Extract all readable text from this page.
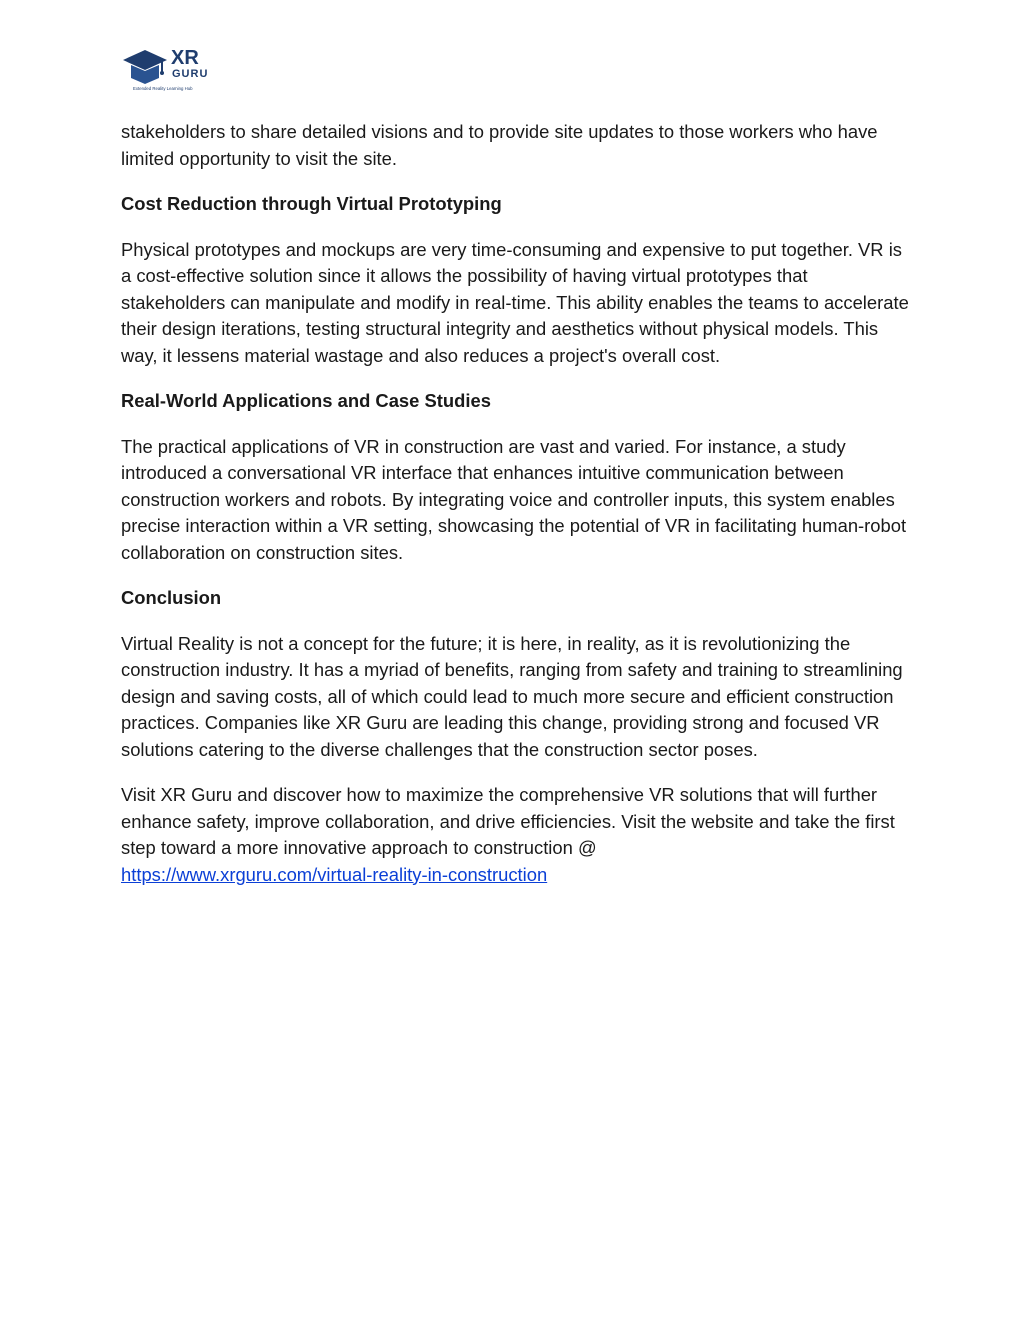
XR
GURU
Extended Reality Learning Hub

stakeholders to share detailed visions and to provide site updates to those workers who have limited opportunity to visit the site.

Cost Reduction through Virtual Prototyping

Physical prototypes and mockups are very time-consuming and expensive to put together. VR is a cost-effective solution since it allows the possibility of having virtual prototypes that stakeholders can manipulate and modify in real-time. This ability enables the teams to accelerate their design iterations, testing structural integrity and aesthetics without physical models. This way, it lessens material wastage and also reduces a project's overall cost.

Real-World Applications and Case Studies

The practical applications of VR in construction are vast and varied. For instance, a study introduced a conversational VR interface that enhances intuitive communication between construction workers and robots. By integrating voice and controller inputs, this system enables precise interaction within a VR setting, showcasing the potential of VR in facilitating human-robot collaboration on construction sites.

Conclusion

Virtual Reality is not a concept for the future; it is here, in reality, as it is revolutionizing the construction industry. It has a myriad of benefits, ranging from safety and training to streamlining design and saving costs, all of which could lead to much more secure and efficient construction practices. Companies like XR Guru are leading this change, providing strong and focused VR solutions catering to the diverse challenges that the construction sector poses.

Visit XR Guru and discover how to maximize the comprehensive VR solutions that will further enhance safety, improve collaboration, and drive efficiencies. Visit the website and take the first step toward a more innovative approach to construction @
https://www.xrguru.com/virtual-reality-in-construction
